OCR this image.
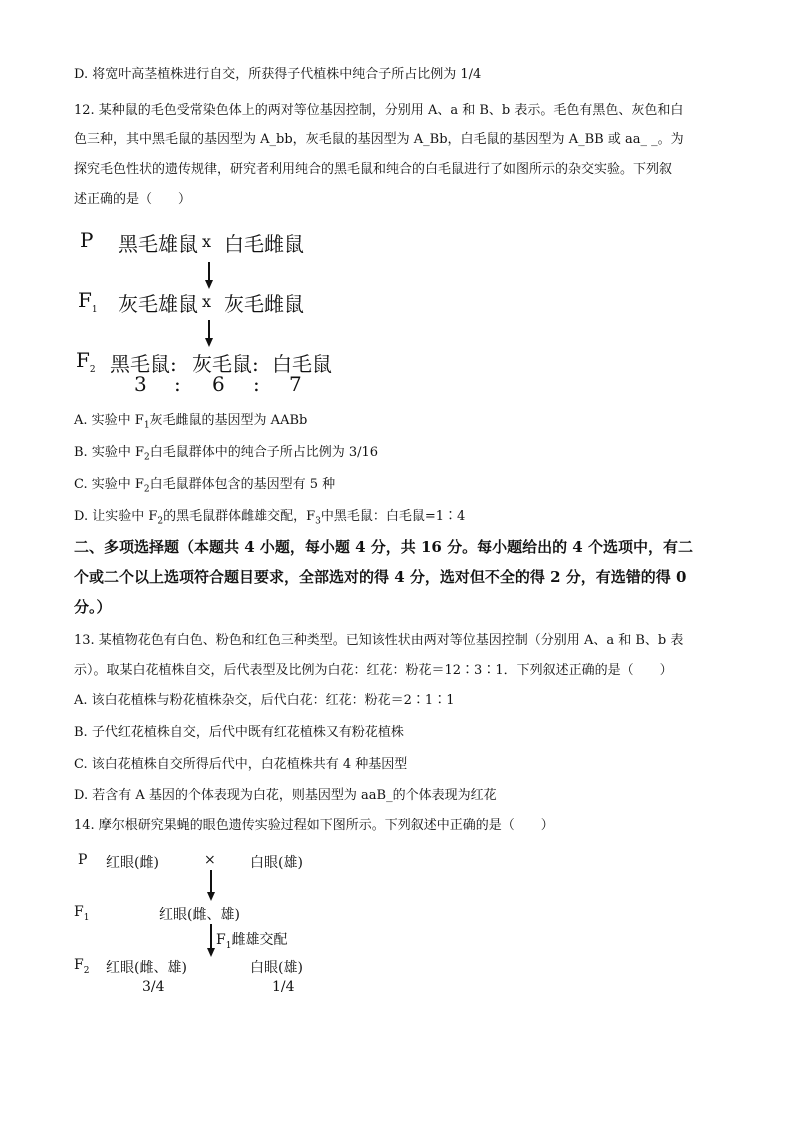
D. 将宽叶高茎植株进行自交，所获得子代植株中纯合子所占比例为 1/4
12. 某种鼠的毛色受常染色体上的两对等位基因控制，分别用 A、a 和 B、b 表示。毛色有黑色、灰色和白
色三种，其中黑毛鼠的基因型为 A_bb，灰毛鼠的基因型为 A_Bb，白毛鼠的基因型为 A_BB 或 aa_ _。为
探究毛色性状的遗传规律，研究者利用纯合的黑毛鼠和纯合的白毛鼠进行了如图所示的杂交实验。下列叙
述正确的是（　　）
P 黑毛雄鼠 x 白毛雌鼠
$F_1$ 灰毛雄鼠 x 灰毛雌鼠
$F_2$ 黑毛鼠: 灰毛鼠: 白毛鼠
3 : 6 : 7
A. 实验中 $F_1$灰毛雌鼠的基因型为 AABb
B. 实验中 $F_2$白毛鼠群体中的纯合子所占比例为 3/16
C. 实验中 $F_2$白毛鼠群体包含的基因型有 5 种
D. 让实验中 $F_2$的黑毛鼠群体雌雄交配，$F_3$中黑毛鼠：白毛鼠=1∶4
二、多项选择题（本题共 4 小题，每小题 4 分，共 16 分。每小题给出的 4 个选项中，有二
个或二个以上选项符合题目要求，全部选对的得 4 分，选对但不全的得 2 分，有选错的得 0
分。）
13. 某植物花色有白色、粉色和红色三种类型。已知该性状由两对等位基因控制（分别用 A、a 和 B、b 表
示）。取某白花植株自交，后代表型及比例为白花：红花：粉花＝12∶3∶1．下列叙述正确的是（　　）
A. 该白花植株与粉花植株杂交，后代白花：红花：粉花＝2∶1∶1
B. 子代红花植株自交，后代中既有红花植株又有粉花植株
C. 该白花植株自交所得后代中，白花植株共有 4 种基因型
D. 若含有 A 基因的个体表现为白花，则基因型为 aaB_的个体表现为红花
14. 摩尔根研究果蝇的眼色遗传实验过程如下图所示。下列叙述中正确的是（　　）
P 红眼(雌)	× 白眼(雄)
$F_1$	红眼(雌、雄)
$F_1$雌雄交配
$F_2$ 红眼(雌、雄)	白眼(雄)
3/4	1/4
